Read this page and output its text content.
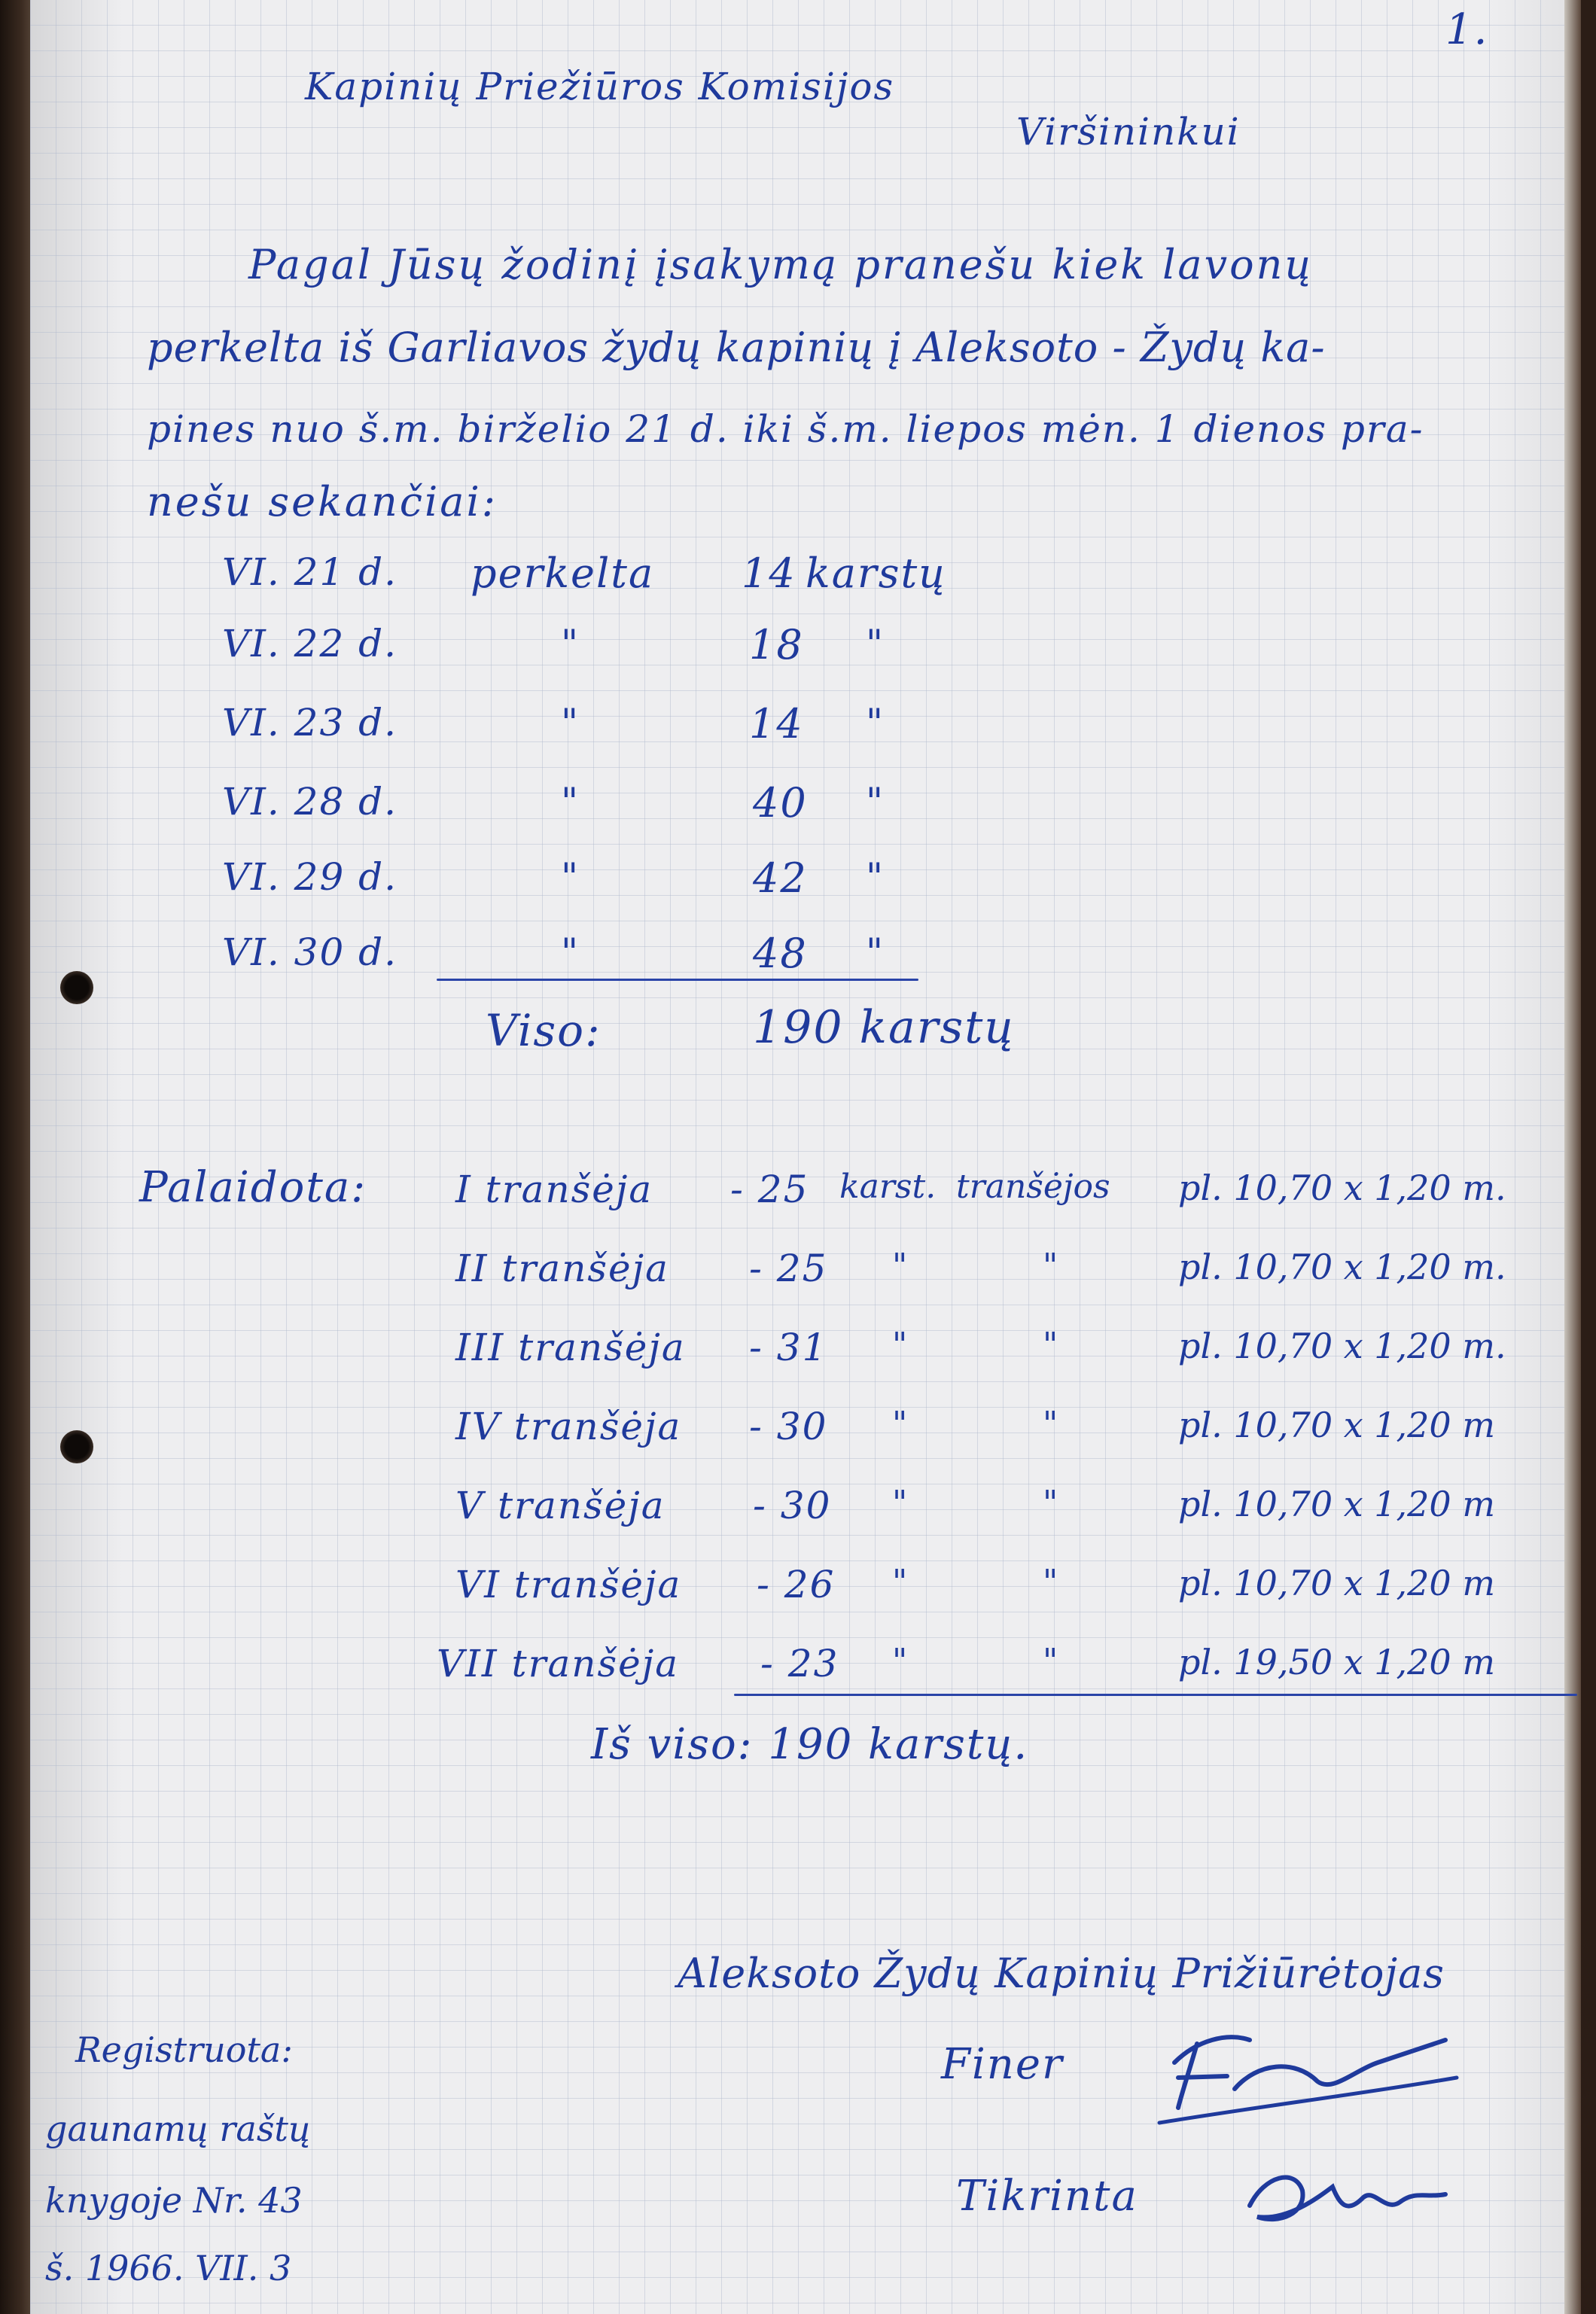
1.
Kapinių Priežiūros Komisijos
Viršininkui
Pagal Jūsų žodinį įsakymą pranešu kiek lavonų
perkelta iš Garliavos žydų kapinių į Aleksoto - Žydų ka-
pines nuo š.m. birželio 21 d. iki š.m. liepos mėn. 1 dienos pra-
nešu sekančiai:
VI. 21 d. perkelta 14 karstų
VI. 22 d.	"	18 "
VI. 23 d.	"	14 "
VI. 28 d.	"	40 "
VI. 29 d.	"	42 "
VI. 30 d.	"	48 "
Viso:	190 karstų
Palaidota: I tranšėja - 25 karst. tranšėjos pl. 10,70 x 1,20 m.
II tranšėja - 25 "	"	pl. 10,70 x 1,20 m.
III tranšėja - 31 "	"	pl. 10,70 x 1,20 m.
IV tranšėja - 30 "	"	pl. 10,70 x 1,20 m
V tranšėja - 30 "	"	pl. 10,70 x 1,20 m
VI tranšėja - 26 "	"	pl. 10,70 x 1,20 m
VII tranšėja - 23 "	"	pl. 19,50 x 1,20 m
Iš viso: 190 karstų.
Aleksoto Žydų Kapinių Prižiūrėtojas
Finer
Tikrinta
Registruota:
gaunamų raštų
knygoje Nr. 43
š. 1966. VII. 3
